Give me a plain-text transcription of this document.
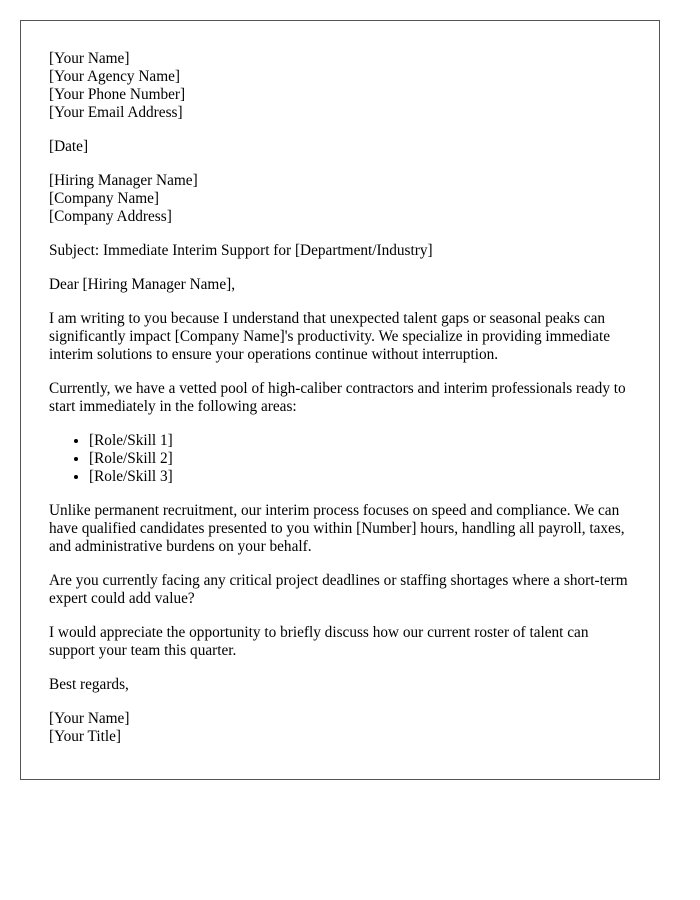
[Your Name]
[Your Agency Name]
[Your Phone Number]
[Your Email Address]
[Date]
[Hiring Manager Name]
[Company Name]
[Company Address]

Subject: Immediate Interim Support for [Department/Industry]

Dear [Hiring Manager Name],

I am writing to you because I understand that unexpected talent gaps or seasonal peaks can significantly impact [Company Name]'s productivity. We specialize in providing immediate interim solutions to ensure your operations continue without interruption.

Currently, we have a vetted pool of high-caliber contractors and interim professionals ready to start immediately in the following areas:

• [Role/Skill 1]
• [Role/Skill 2]
• [Role/Skill 3]

Unlike permanent recruitment, our interim process focuses on speed and compliance. We can have qualified candidates presented to you within [Number] hours, handling all payroll, taxes, and administrative burdens on your behalf.

Are you currently facing any critical project deadlines or staffing shortages where a short-term expert could add value?

I would appreciate the opportunity to briefly discuss how our current roster of talent can support your team this quarter.

Best regards,

[Your Name]
[Your Title]
